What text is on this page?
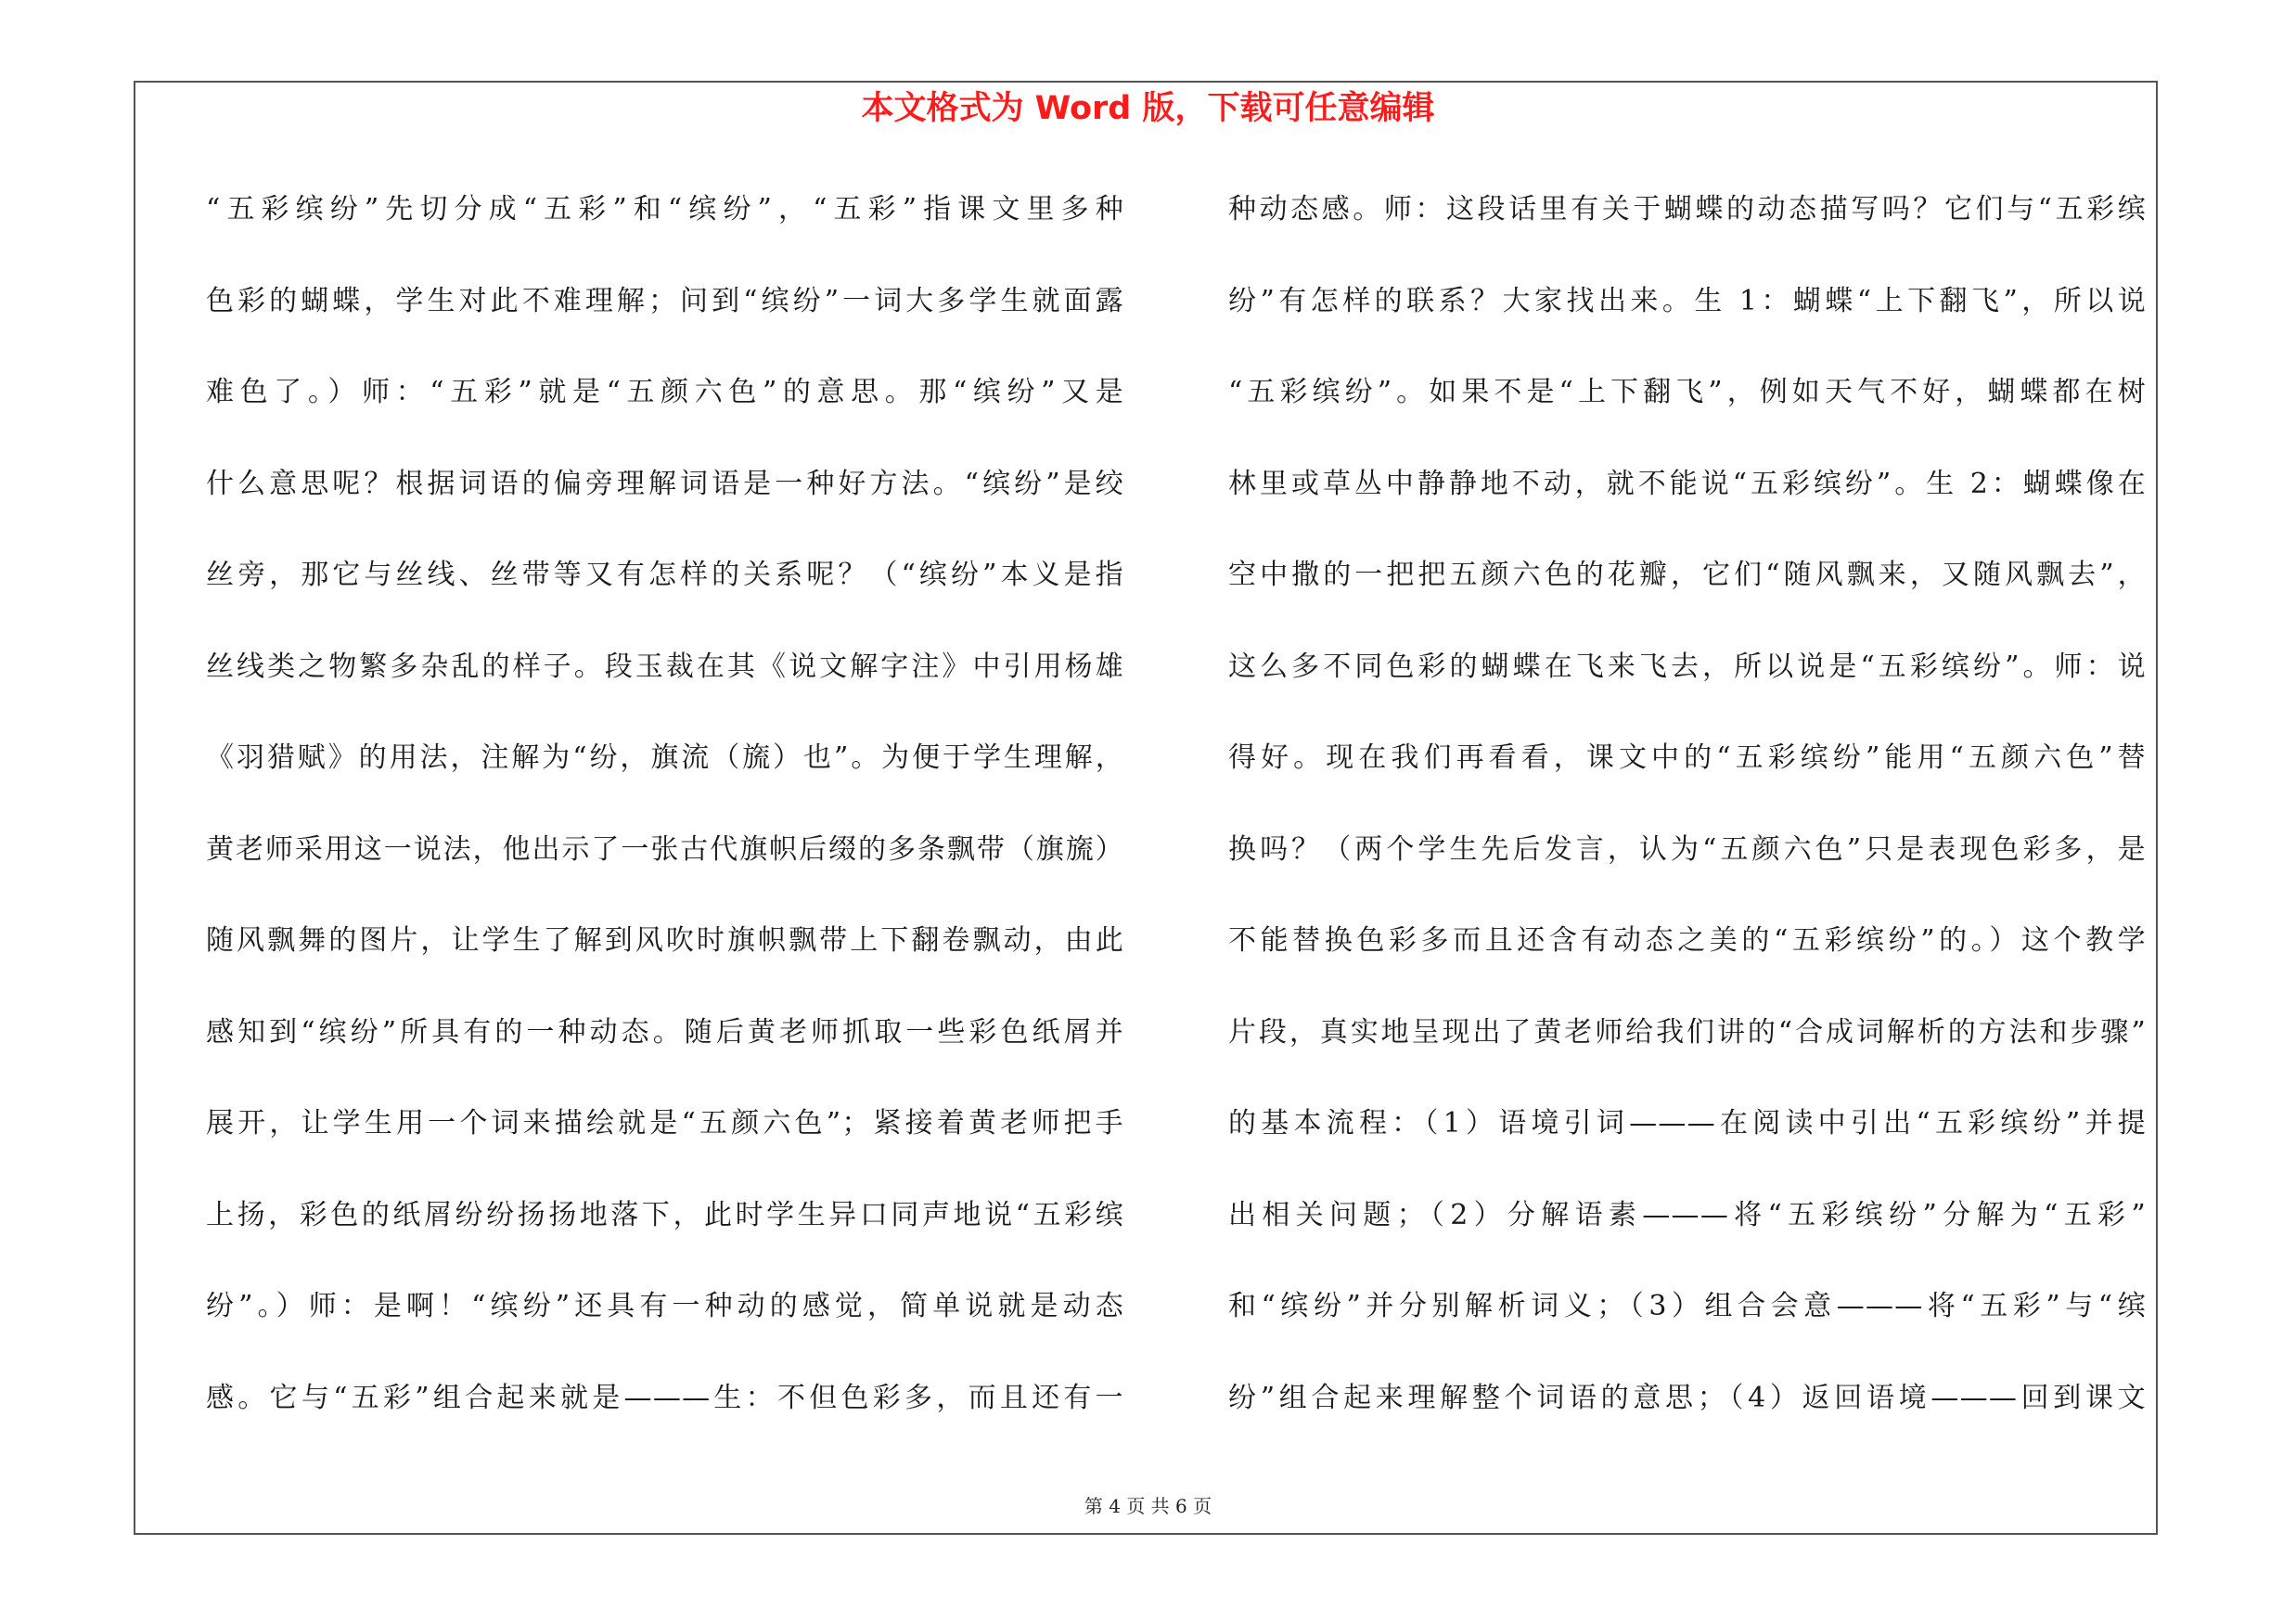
本文格式为 Word 版，下载可任意编辑
“五彩缤纷”先切分成“五彩”和“缤纷”，“五彩”指课文里多种
色彩的蝴蝶，学生对此不难理解；问到“缤纷”一词大多学生就面露
难色了。）师：“五彩”就是“五颜六色”的意思。那“缤纷”又是
什么意思呢？根据词语的偏旁理解词语是一种好方法。“缤纷”是绞
丝旁，那它与丝线、丝带等又有怎样的关系呢？（“缤纷”本义是指
丝线类之物繁多杂乱的样子。段玉裁在其《说文解字注》中引用杨雄
《羽猎赋》的用法，注解为“纷，旗流（旒）也”。为便于学生理解，
黄老师采用这一说法，他出示了一张古代旗帜后缀的多条飘带（旗旒）
随风飘舞的图片，让学生了解到风吹时旗帜飘带上下翻卷飘动，由此
感知到“缤纷”所具有的一种动态。随后黄老师抓取一些彩色纸屑并
展开，让学生用一个词来描绘就是“五颜六色”；紧接着黄老师把手
上扬，彩色的纸屑纷纷扬扬地落下，此时学生异口同声地说“五彩缤
纷”。）师：是啊！“缤纷”还具有一种动的感觉，简单说就是动态
感。它与“五彩”组合起来就是———生：不但色彩多，而且还有一
种动态感。师：这段话里有关于蝴蝶的动态描写吗？它们与“五彩缤
纷”有怎样的联系？大家找出来。生 1：蝴蝶“上下翻飞”，所以说
“五彩缤纷”。如果不是“上下翻飞”，例如天气不好，蝴蝶都在树
林里或草丛中静静地不动，就不能说“五彩缤纷”。生 2：蝴蝶像在
空中撒的一把把五颜六色的花瓣，它们“随风飘来，又随风飘去”，
这么多不同色彩的蝴蝶在飞来飞去，所以说是“五彩缤纷”。师：说
得好。现在我们再看看，课文中的“五彩缤纷”能用“五颜六色”替
换吗？（两个学生先后发言，认为“五颜六色”只是表现色彩多，是
不能替换色彩多而且还含有动态之美的“五彩缤纷”的。）这个教学
片段，真实地呈现出了黄老师给我们讲的“合成词解析的方法和步骤”
的基本流程：（1）语境引词———在阅读中引出“五彩缤纷”并提
出相关问题；（2）分解语素———将“五彩缤纷”分解为“五彩”
和“缤纷”并分别解析词义；（3）组合会意———将“五彩”与“缤
纷”组合起来理解整个词语的意思；（4）返回语境———回到课文
第 4 页 共 6 页
